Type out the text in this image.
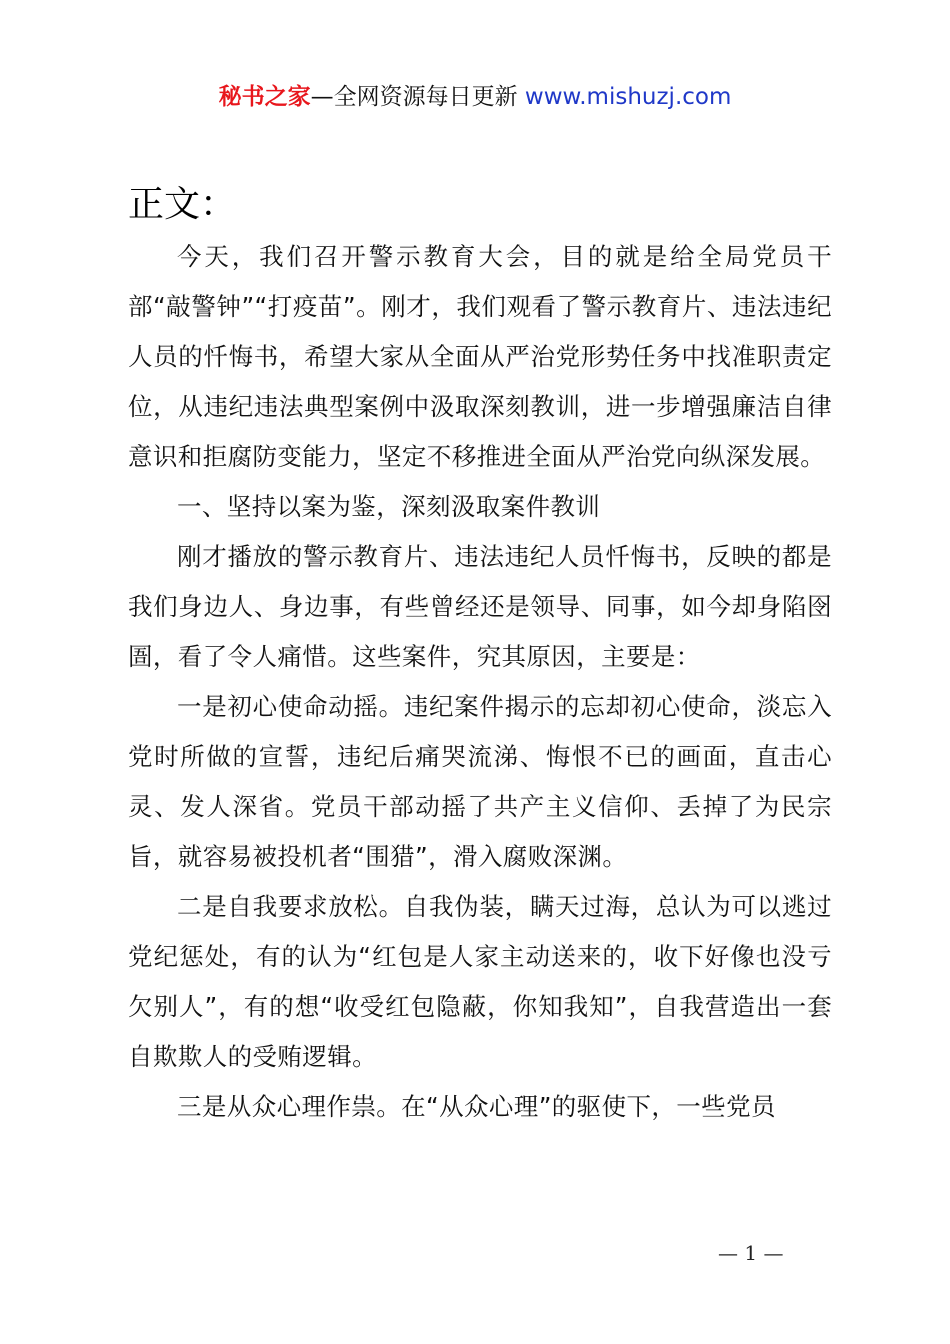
秘书之家—全网资源每日更新 www.mishuzj.com
正文：

今天，我们召开警示教育大会，目的就是给全局党员干部“敲警钟”“打疫苗”。刚才，我们观看了警示教育片、违法违纪人员的忏悔书，希望大家从全面从严治党形势任务中找准职责定位，从违纪违法典型案例中汲取深刻教训，进一步增强廉洁自律意识和拒腐防变能力，坚定不移推进全面从严治党向纵深发展。

一、坚持以案为鉴，深刻汲取案件教训

刚才播放的警示教育片、违法违纪人员忏悔书，反映的都是我们身边人、身边事，有些曾经还是领导、同事，如今却身陷囹圄，看了令人痛惜。这些案件，究其原因，主要是：

一是初心使命动摇。违纪案件揭示的忘却初心使命，淡忘入党时所做的宣誓，违纪后痛哭流涕、悔恨不已的画面，直击心灵、发人深省。党员干部动摇了共产主义信仰、丢掉了为民宗旨，就容易被投机者“围猎”，滑入腐败深渊。

二是自我要求放松。自我伪装，瞒天过海，总认为可以逃过党纪惩处，有的认为“红包是人家主动送来的，收下好像也没亏欠别人”，有的想“收受红包隐蔽，你知我知”，自我营造出一套自欺欺人的受贿逻辑。

三是从众心理作祟。在“从众心理”的驱使下，一些党员

— 1 —
